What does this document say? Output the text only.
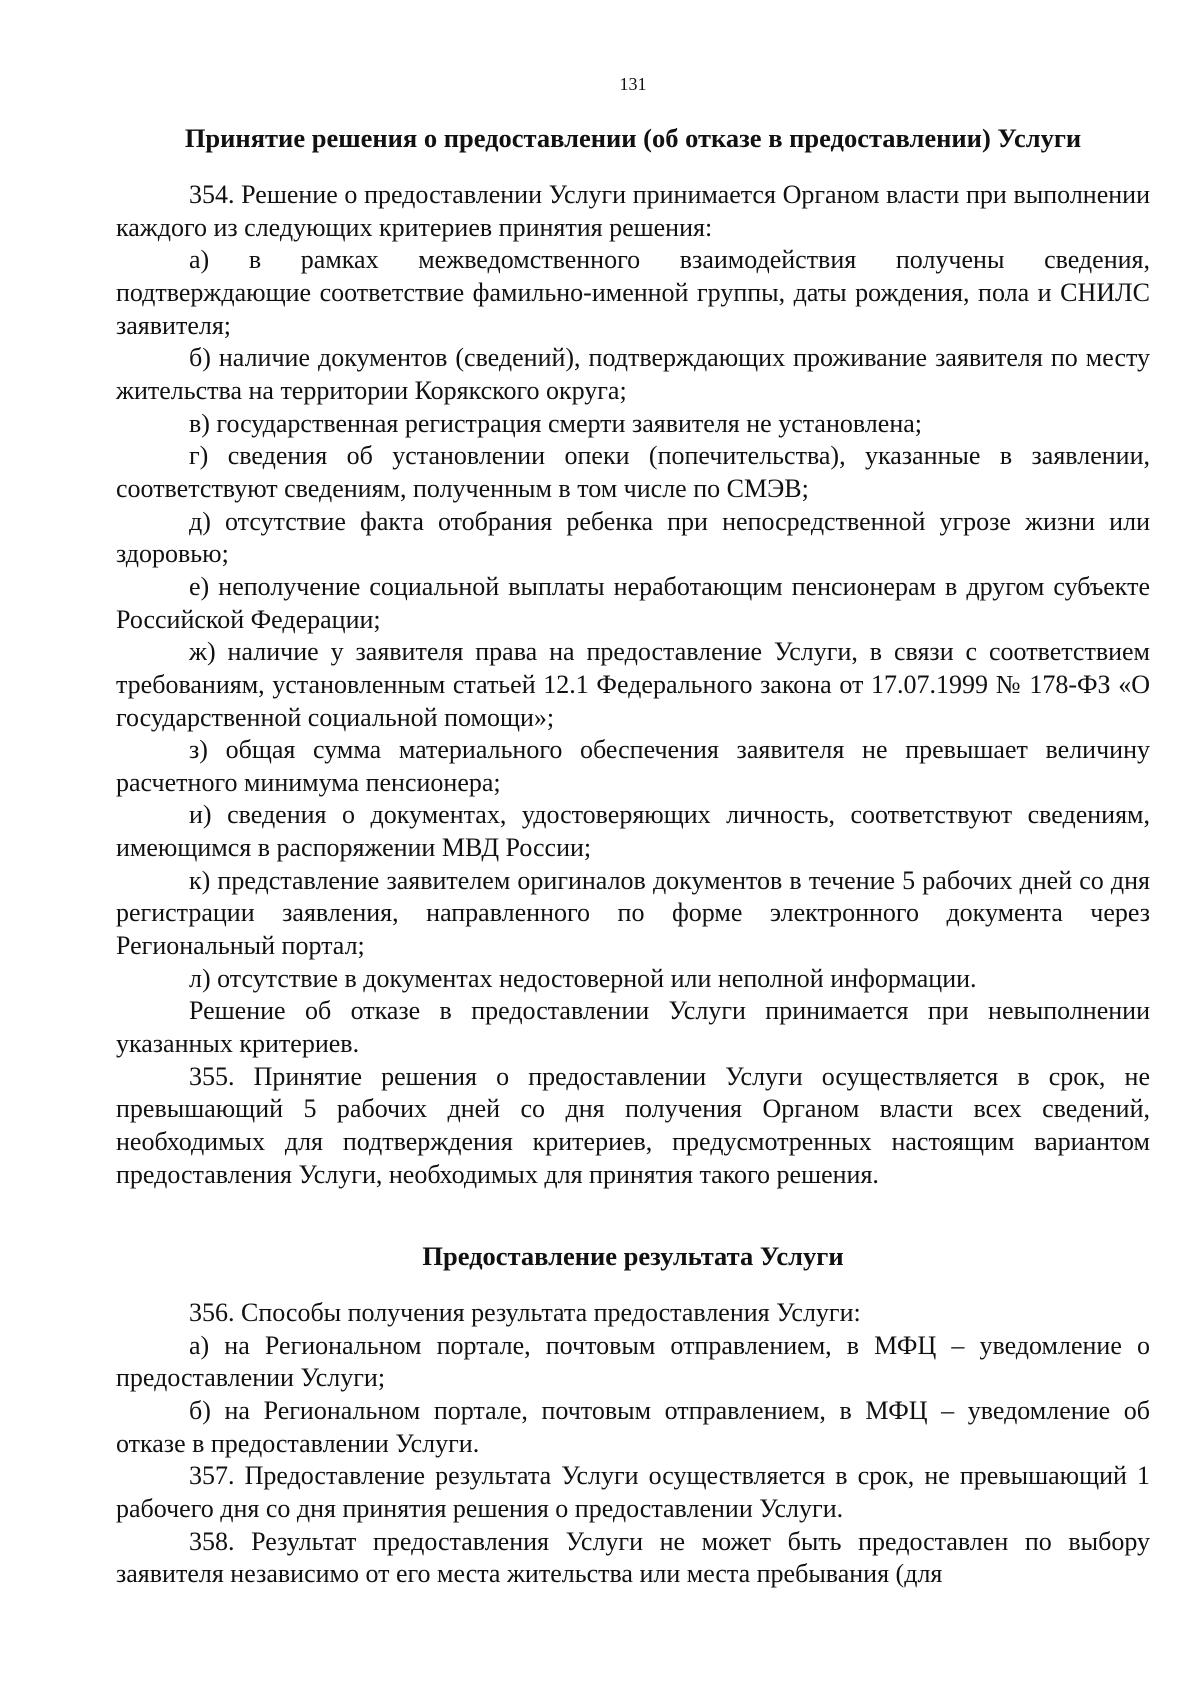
131
Принятие решения о предоставлении (об отказе в предоставлении) Услуги

354. Решение о предоставлении Услуги принимается Органом власти при выполнении каждого из следующих критериев принятия решения:

а) в рамках межведомственного взаимодействия получены сведения, подтверждающие соответствие фамильно-именной группы, даты рождения, пола и СНИЛС заявителя;

б) наличие документов (сведений), подтверждающих проживание заявителя по месту жительства на территории Корякского округа;

в) государственная регистрация смерти заявителя не установлена;

г) сведения об установлении опеки (попечительства), указанные в заявлении, соответствуют сведениям, полученным в том числе по СМЭВ;

д) отсутствие факта отобрания ребенка при непосредственной угрозе жизни или здоровью;

е) неполучение социальной выплаты неработающим пенсионерам в другом субъекте Российской Федерации;

ж) наличие у заявителя права на предоставление Услуги, в связи с соответствием требованиям, установленным статьей 12.1 Федерального закона от 17.07.1999 № 178-ФЗ «О государственной социальной помощи»;

з) общая сумма материального обеспечения заявителя не превышает величину расчетного минимума пенсионера;

и) сведения о документах, удостоверяющих личность, соответствуют сведениям, имеющимся в распоряжении МВД России;

к) представление заявителем оригиналов документов в течение 5 рабочих дней со дня регистрации заявления, направленного по форме электронного документа через Региональный портал;

л) отсутствие в документах недостоверной или неполной информации.

Решение об отказе в предоставлении Услуги принимается при невыполнении указанных критериев.

355. Принятие решения о предоставлении Услуги осуществляется в срок, не превышающий 5 рабочих дней со дня получения Органом власти всех сведений, необходимых для подтверждения критериев, предусмотренных настоящим вариантом предоставления Услуги, необходимых для принятия такого решения.

Предоставление результата Услуги

356. Способы получения результата предоставления Услуги:

а) на Региональном портале, почтовым отправлением, в МФЦ – уведомление о предоставлении Услуги;

б) на Региональном портале, почтовым отправлением, в МФЦ – уведомление об отказе в предоставлении Услуги.

357. Предоставление результата Услуги осуществляется в срок, не превышающий 1 рабочего дня со дня принятия решения о предоставлении Услуги.

358. Результат предоставления Услуги не может быть предоставлен по выбору заявителя независимо от его места жительства или места пребывания (для
